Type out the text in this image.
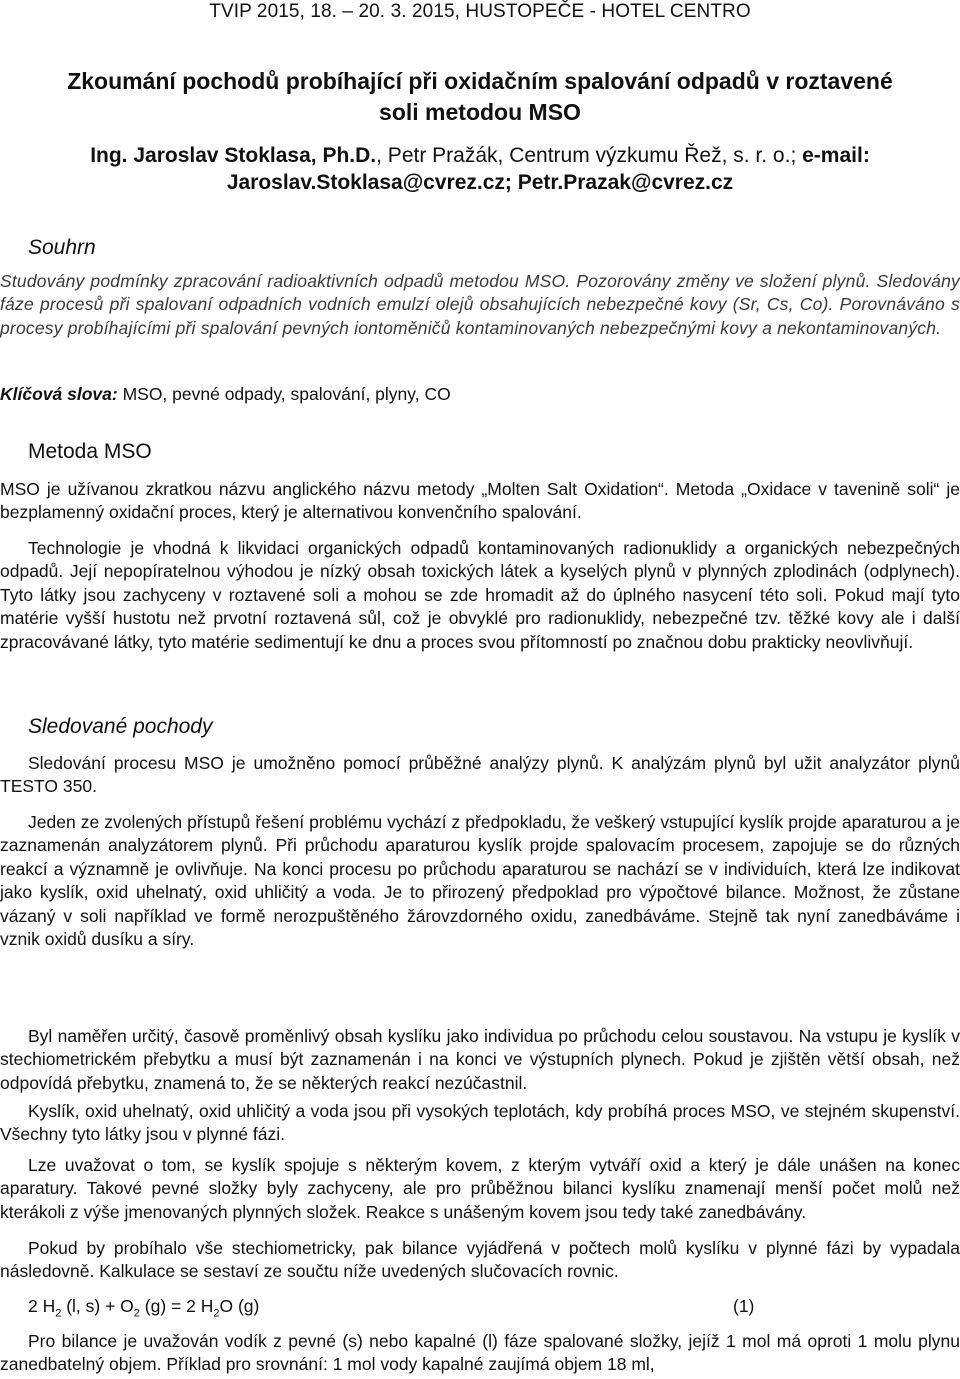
TVIP 2015, 18. – 20. 3. 2015, HUSTOPEČE - HOTEL CENTRO
Zkoumání pochodů probíhající při oxidačním spalování odpadů v roztavené
soli metodou MSO
Ing. Jaroslav Stoklasa, Ph.D., Petr Pražák, Centrum výzkumu Řež, s. r. o.; e-mail:
Jaroslav.Stoklasa@cvrez.cz; Petr.Prazak@cvrez.cz
Souhrn

Studovány podmínky zpracování radioaktivních odpadů metodou MSO. Pozorovány změny ve složení plynů. Sledovány fáze procesů při spalovaní odpadních vodních emulzí olejů obsahujících nebezpečné kovy (Sr, Cs, Co). Porovnáváno s procesy probíhajícími při spalování pevných iontoměničů kontaminovaných nebezpečnými kovy a nekontaminovaných.

Klíčová slova: MSO, pevné odpady, spalování, plyny, CO
Metoda MSO

MSO je užívanou zkratkou názvu anglického názvu metody „Molten Salt Oxidation“. Metoda „Oxidace v tavenině soli“ je bezplamenný oxidační proces, který je alternativou konvenčního spalování.

Technologie je vhodná k likvidaci organických odpadů kontaminovaných radionuklidy a organických nebezpečných odpadů. Její nepopíratelnou výhodou je nízký obsah toxických látek a kyselých plynů v plynných zplodinách (odplynech). Tyto látky jsou zachyceny v roztavené soli a mohou se zde hromadit až do úplného nasycení této soli. Pokud mají tyto matérie vyšší hustotu než prvotní roztavená sůl, což je obvyklé pro radionuklidy, nebezpečné tzv. těžké kovy ale i další zpracovávané látky, tyto matérie sedimentují ke dnu a proces svou přítomností po značnou dobu prakticky neovlivňují.

Sledované pochody

Sledování procesu MSO je umožněno pomocí průběžné analýzy plynů. K analýzám plynů byl užit analyzátor plynů TESTO 350.

Jeden ze zvolených přístupů řešení problému vychází z předpokladu, že veškerý vstupující kyslík projde aparaturou a je zaznamenán analyzátorem plynů. Při průchodu aparaturou kyslík projde spalovacím procesem, zapojuje se do různých reakcí a významně je ovlivňuje. Na konci procesu po průchodu aparaturou se nachází se v individuích, která lze indikovat jako kyslík, oxid uhelnatý, oxid uhličitý a voda. Je to přirozený předpoklad pro výpočtové bilance. Možnost, že zůstane vázaný v soli například ve formě nerozpuštěného žárovzdorného oxidu, zanedbáváme. Stejně tak nyní zanedbáváme i vznik oxidů dusíku a síry.

Byl naměřen určitý, časově proměnlivý obsah kyslíku jako individua po průchodu celou soustavou. Na vstupu je kyslík v stechiometrickém přebytku a musí být zaznamenán i na konci ve výstupních plynech. Pokud je zjištěn větší obsah, než odpovídá přebytku, znamená to, že se některých reakcí nezúčastnil.

Kyslík, oxid uhelnatý, oxid uhličitý a voda jsou při vysokých teplotách, kdy probíhá proces MSO, ve stejném skupenství. Všechny tyto látky jsou v plynné fázi.

Lze uvažovat o tom, se kyslík spojuje s některým kovem, z kterým vytváří oxid a který je dále unášen na konec aparatury. Takové pevné složky byly zachyceny, ale pro průběžnou bilanci kyslíku znamenají menší počet molů než kterákoli z výše jmenovaných plynných složek. Reakce s unášeným kovem jsou tedy také zanedbávány.

Pokud by probíhalo vše stechiometricky, pak bilance vyjádřená v počtech molů kyslíku v plynné fázi by vypadala následovně. Kalkulace se sestaví ze součtu níže uvedených slučovacích rovnic.

2 $H_2$ (l, $s) + O_2$ (g) = 2 $H_2O$ (g)	(1)

Pro bilance je uvažován vodík z pevné (s) nebo kapalné (l) fáze spalované složky, jejíž 1 mol má oproti 1 molu plynu zanedbatelný objem. Příklad pro srovnání: 1 mol vody kapalné zaujímá objem 18 ml,
